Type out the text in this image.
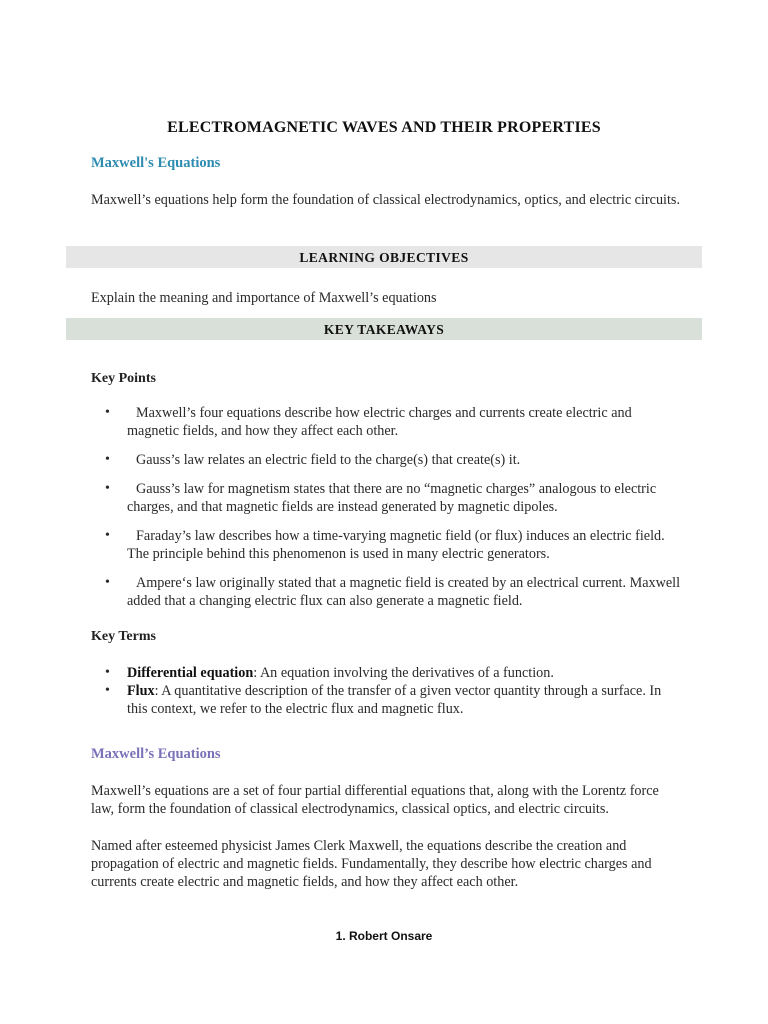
ELECTROMAGNETIC WAVES AND THEIR PROPERTIES
Maxwell's Equations

Maxwell’s equations help form the foundation of classical electrodynamics, optics, and electric circuits.

LEARNING OBJECTIVES

Explain the meaning and importance of Maxwell’s equations

KEY TAKEAWAYS
Key Points
•	Maxwell’s four equations describe how electric charges and currents create electric and magnetic fields, and how they affect each other.
•	Gauss’s law relates an electric field to the charge(s) that create(s) it.
•	Gauss’s law for magnetism states that there are no “magnetic charges” analogous to electric charges, and that magnetic fields are instead generated by magnetic dipoles.
•	Faraday’s law describes how a time-varying magnetic field (or flux) induces an electric field. The principle behind this phenomenon is used in many electric generators.
•	Ampere‘s law originally stated that a magnetic field is created by an electrical current. Maxwell added that a changing electric flux can also generate a magnetic field.
Key Terms
• Differential equation: An equation involving the derivatives of a function.
• Flux: A quantitative description of the transfer of a given vector quantity through a surface. In this context, we refer to the electric flux and magnetic flux.
Maxwell’s Equations

Maxwell’s equations are a set of four partial differential equations that, along with the Lorentz force law, form the foundation of classical electrodynamics, classical optics, and electric circuits.

Named after esteemed physicist James Clerk Maxwell, the equations describe the creation and propagation of electric and magnetic fields. Fundamentally, they describe how electric charges and currents create electric and magnetic fields, and how they affect each other.

1. Robert Onsare
